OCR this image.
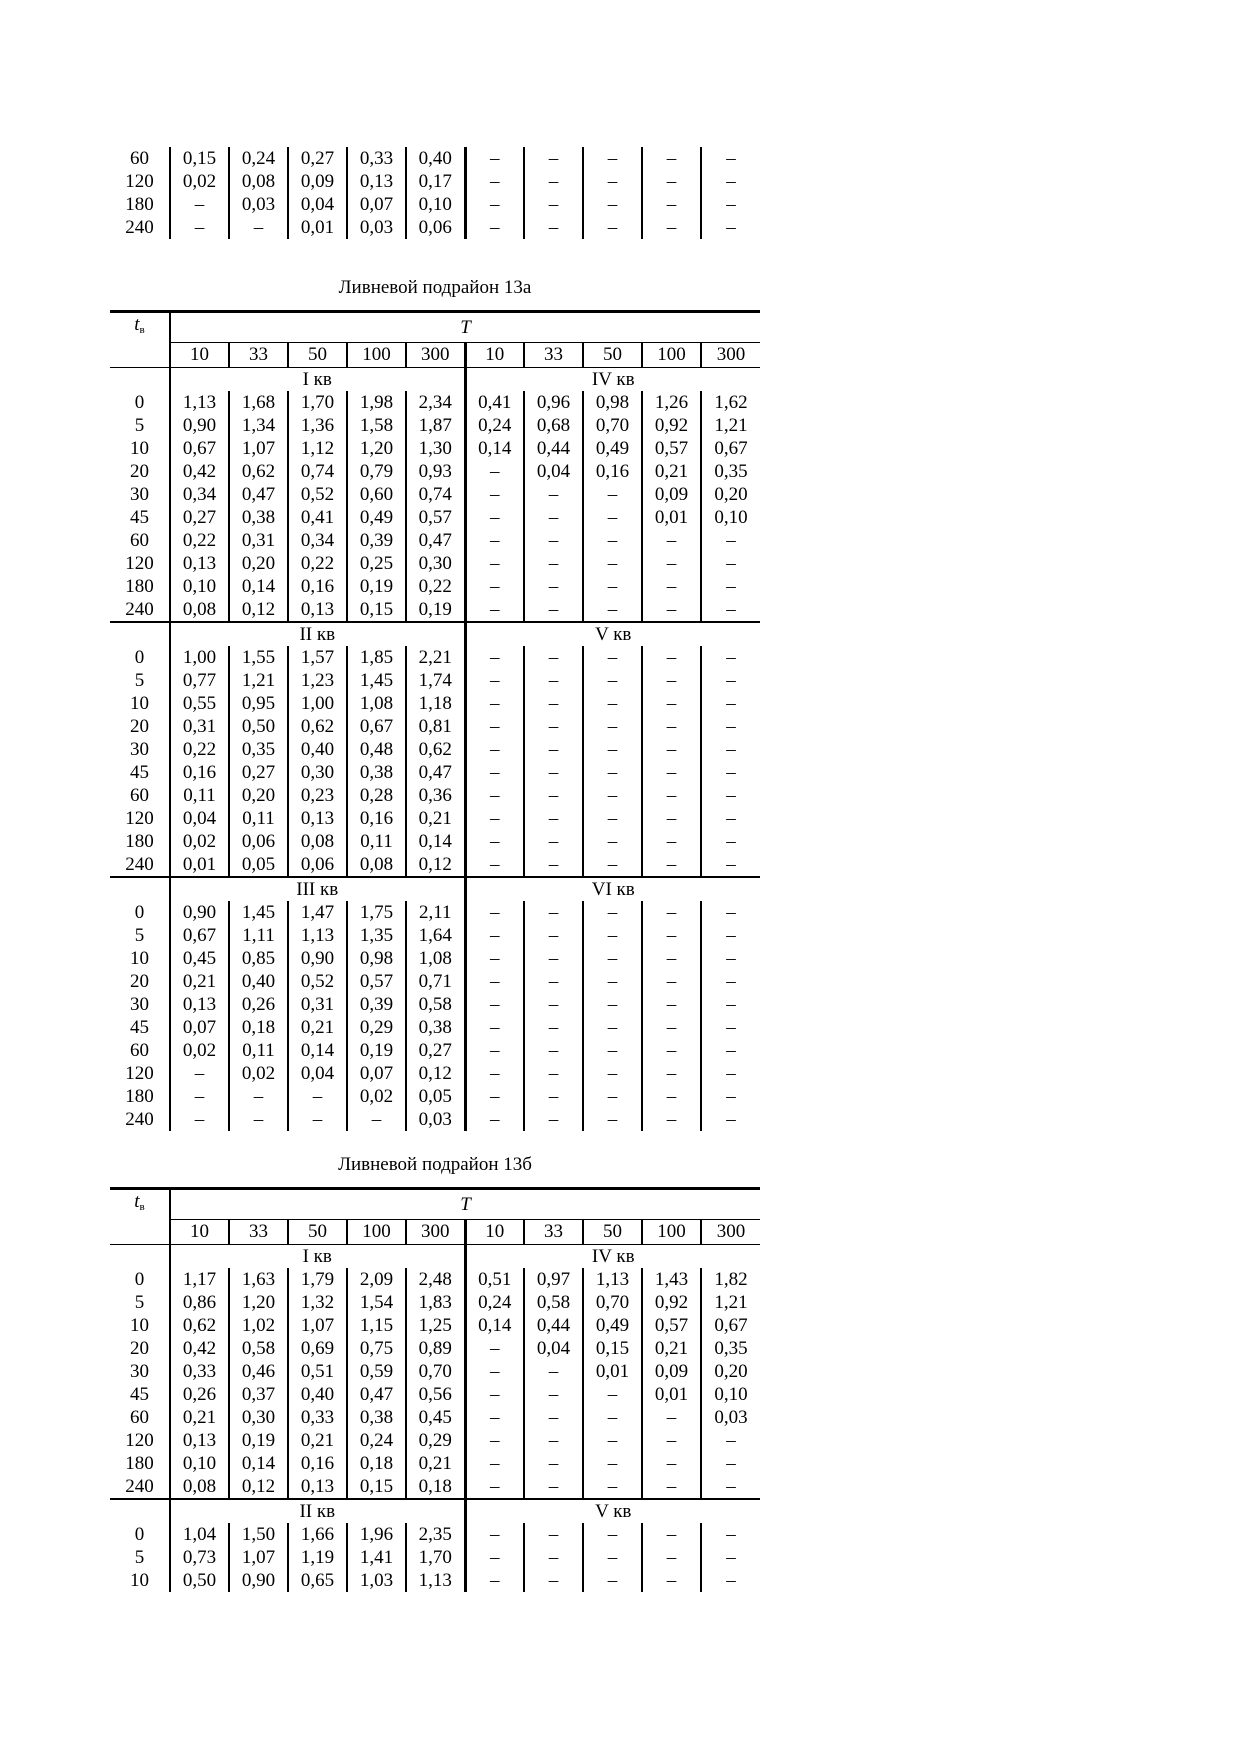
60	0,15	0,24	0,27	0,33	0,40	–	–	–	–	–
120	0,02	0,08	0,09	0,13	0,17	–	–	–	–	–
180	–	0,03	0,04	0,07	0,10	–	–	–	–	–
240	–	–	0,01	0,03	0,06	–	–	–	–	–
Ливневой подрайон 13а
$t_в$	T									
	10	33	50	100	300	10	33	50	100	300
	I кв					IV кв				
0	1,13	1,68	1,70	1,98	2,34	0,41	0,96	0,98	1,26	1,62
5	0,90	1,34	1,36	1,58	1,87	0,24	0,68	0,70	0,92	1,21
10	0,67	1,07	1,12	1,20	1,30	0,14	0,44	0,49	0,57	0,67
20	0,42	0,62	0,74	0,79	0,93	–	0,04	0,16	0,21	0,35
30	0,34	0,47	0,52	0,60	0,74	–	–	–	0,09	0,20
45	0,27	0,38	0,41	0,49	0,57	–	–	–	0,01	0,10
60	0,22	0,31	0,34	0,39	0,47	–	–	–	–	–
120	0,13	0,20	0,22	0,25	0,30	–	–	–	–	–
180	0,10	0,14	0,16	0,19	0,22	–	–	–	–	–
240	0,08	0,12	0,13	0,15	0,19	–	–	–	–	–
	II кв					V кв				
0	1,00	1,55	1,57	1,85	2,21	–	–	–	–	–
5	0,77	1,21	1,23	1,45	1,74	–	–	–	–	–
10	0,55	0,95	1,00	1,08	1,18	–	–	–	–	–
20	0,31	0,50	0,62	0,67	0,81	–	–	–	–	–
30	0,22	0,35	0,40	0,48	0,62	–	–	–	–	–
45	0,16	0,27	0,30	0,38	0,47	–	–	–	–	–
60	0,11	0,20	0,23	0,28	0,36	–	–	–	–	–
120	0,04	0,11	0,13	0,16	0,21	–	–	–	–	–
180	0,02	0,06	0,08	0,11	0,14	–	–	–	–	–
240	0,01	0,05	0,06	0,08	0,12	–	–	–	–	–
	III кв					VI кв				
0	0,90	1,45	1,47	1,75	2,11	–	–	–	–	–
5	0,67	1,11	1,13	1,35	1,64	–	–	–	–	–
10	0,45	0,85	0,90	0,98	1,08	–	–	–	–	–
20	0,21	0,40	0,52	0,57	0,71	–	–	–	–	–
30	0,13	0,26	0,31	0,39	0,58	–	–	–	–	–
45	0,07	0,18	0,21	0,29	0,38	–	–	–	–	–
60	0,02	0,11	0,14	0,19	0,27	–	–	–	–	–
120	–	0,02	0,04	0,07	0,12	–	–	–	–	–
180	–	–	–	0,02	0,05	–	–	–	–	–
240	–	–	–	–	0,03	–	–	–	–	–
Ливневой подрайон 13б
$t_в$	T									
	10	33	50	100	300	10	33	50	100	300
	I кв					IV кв				
0	1,17	1,63	1,79	2,09	2,48	0,51	0,97	1,13	1,43	1,82
5	0,86	1,20	1,32	1,54	1,83	0,24	0,58	0,70	0,92	1,21
10	0,62	1,02	1,07	1,15	1,25	0,14	0,44	0,49	0,57	0,67
20	0,42	0,58	0,69	0,75	0,89	–	0,04	0,15	0,21	0,35
30	0,33	0,46	0,51	0,59	0,70	–	–	0,01	0,09	0,20
45	0,26	0,37	0,40	0,47	0,56	–	–	–	0,01	0,10
60	0,21	0,30	0,33	0,38	0,45	–	–	–	–	0,03
120	0,13	0,19	0,21	0,24	0,29	–	–	–	–	–
180	0,10	0,14	0,16	0,18	0,21	–	–	–	–	–
240	0,08	0,12	0,13	0,15	0,18	–	–	–	–	–
	II кв					V кв				
0	1,04	1,50	1,66	1,96	2,35	–	–	–	–	–
5	0,73	1,07	1,19	1,41	1,70	–	–	–	–	–
10	0,50	0,90	0,65	1,03	1,13	–	–	–	–	–
